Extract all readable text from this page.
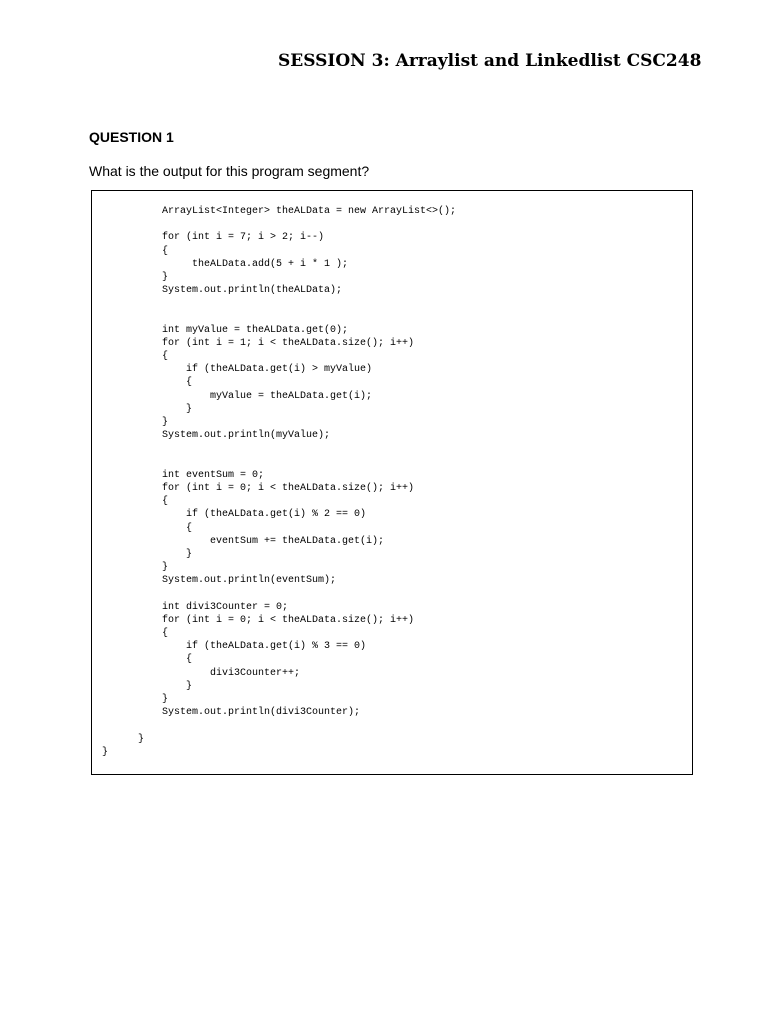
SESSION 3: Arraylist and Linkedlist CSC248
QUESTION 1
What is the output for this program segment?
ArrayList<Integer> theALData = new ArrayList<>();
for (int i = 7; i > 2; i--)
{
theALData.add(5 + i * 1 );
}
System.out.println(theALData);
int myValue = theALData.get(0);
for (int i = 1; i < theALData.size(); i++)
{
if (theALData.get(i) > myValue)
{
myValue = theALData.get(i);
}
}
System.out.println(myValue);
int eventSum = 0;
for (int i = 0; i < theALData.size(); i++)
{
if (theALData.get(i) % 2 == 0)
{
eventSum += theALData.get(i);
}
}
System.out.println(eventSum);
int divi3Counter = 0;
for (int i = 0; i < theALData.size(); i++)
{
if (theALData.get(i) % 3 == 0)
{
divi3Counter++;
}
}
System.out.println(divi3Counter);
}
}
